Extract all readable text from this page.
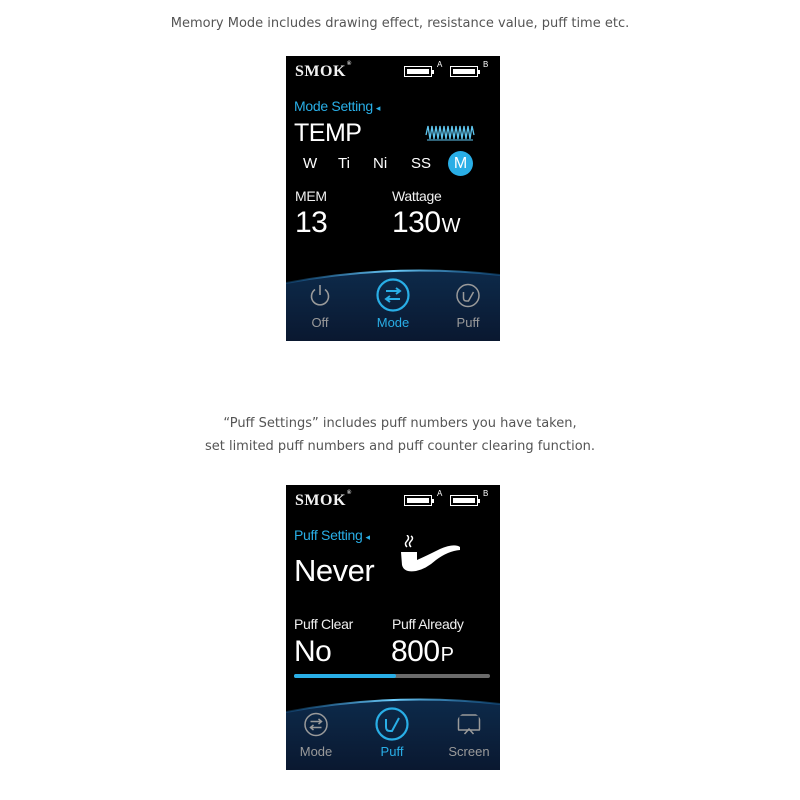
Memory Mode includes drawing effect, resistance value, puff time etc.
“Puff Settings” includes puff numbers you have taken,
set limited puff numbers and puff counter clearing function.
SMOK®	A	B
Mode Setting ◂
TEMP
W Ti Ni SS	M
MEM
13
Wattage
130W
Off	Mode	Puff
SMOK®	A	B
Puff Setting ◂
Never
Puff Clear
No
Puff Already
800P
Mode	Puff	Screen
